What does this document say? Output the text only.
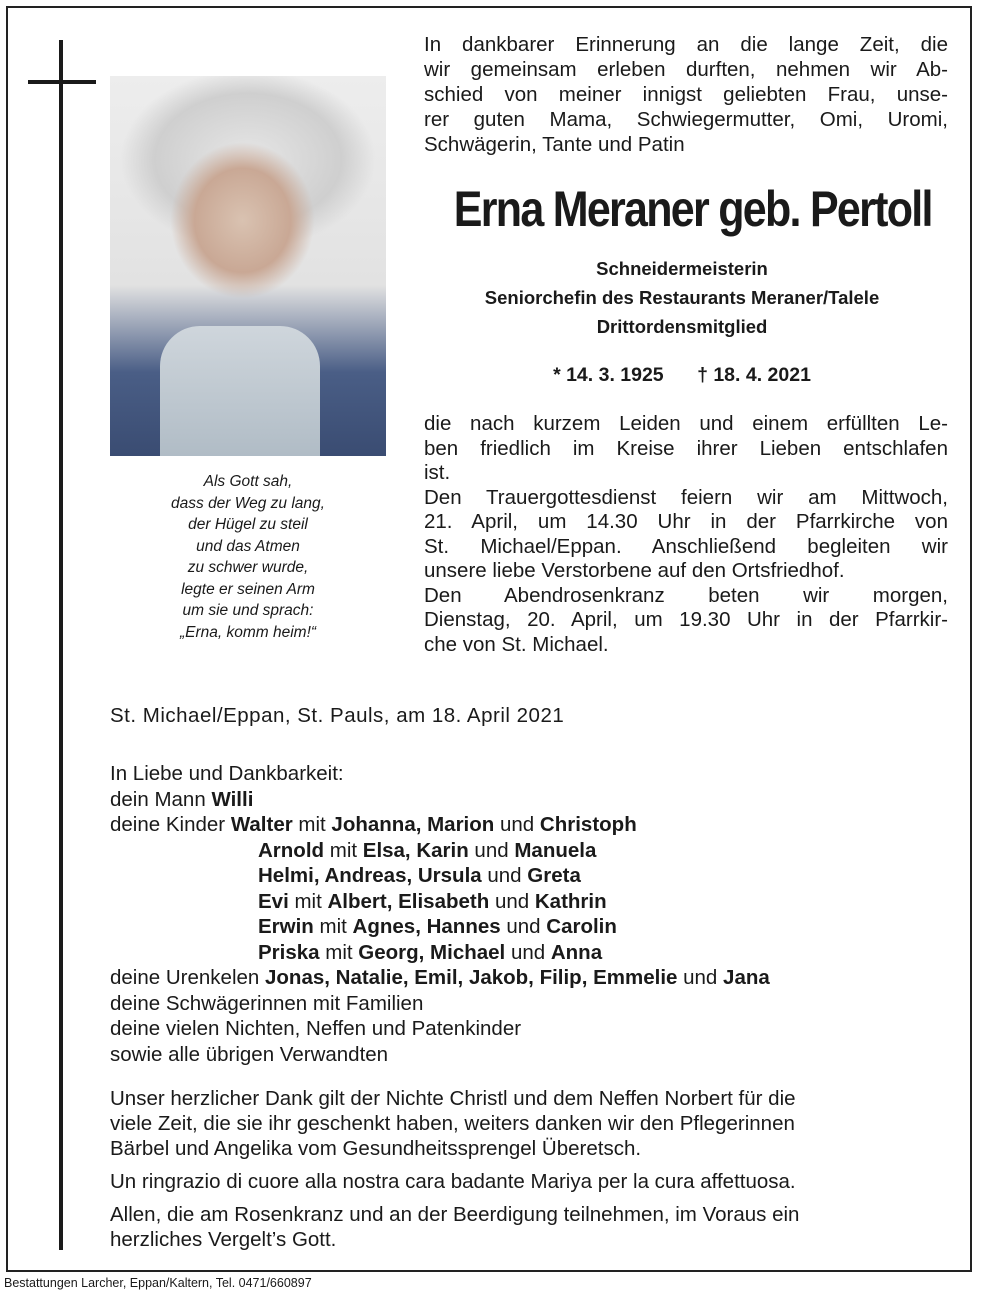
Als Gott sah,
dass der Weg zu lang,
der Hügel zu steil
und das Atmen
zu schwer wurde,
legte er seinen Arm
um sie und sprach:
„Erna, komm heim!“
In dankbarer Erinnerung an die lange Zeit, die
wir gemeinsam erleben durften, nehmen wir Ab-
schied von meiner innigst geliebten Frau, unse-
rer guten Mama, Schwiegermutter, Omi, Uromi,
Schwägerin, Tante und Patin
Erna Meraner geb. Pertoll
Schneidermeisterin
Seniorchefin des Restaurants Meraner/Talele
Drittordensmitglied
* 14. 3. 1925 † 18. 4. 2021
die nach kurzem Leiden und einem erfüllten Le-
ben friedlich im Kreise ihrer Lieben entschlafen
ist.
Den Trauergottesdienst feiern wir am Mittwoch,
21. April, um 14.30 Uhr in der Pfarrkirche von
St. Michael/Eppan. Anschließend begleiten wir
unsere liebe Verstorbene auf den Ortsfriedhof.
Den Abendrosenkranz beten wir morgen,
Dienstag, 20. April, um 19.30 Uhr in der Pfarrkir-
che von St. Michael.
St. Michael/Eppan, St. Pauls, am 18. April 2021
In Liebe und Dankbarkeit:
dein Mann Willi
deine Kinder Walter mit Johanna, Marion und Christoph
Arnold mit Elsa, Karin und Manuela
Helmi, Andreas, Ursula und Greta
Evi mit Albert, Elisabeth und Kathrin
Erwin mit Agnes, Hannes und Carolin
Priska mit Georg, Michael und Anna
deine Urenkelen Jonas, Natalie, Emil, Jakob, Filip, Emmelie und Jana
deine Schwägerinnen mit Familien
deine vielen Nichten, Neffen und Patenkinder
sowie alle übrigen Verwandten
Unser herzlicher Dank gilt der Nichte Christl und dem Neffen Norbert für die
viele Zeit, die sie ihr geschenkt haben, weiters danken wir den Pflegerinnen
Bärbel und Angelika vom Gesundheitssprengel Überetsch.
Un ringrazio di cuore alla nostra cara badante Mariya per la cura affettuosa.
Allen, die am Rosenkranz und an der Beerdigung teilnehmen, im Voraus ein
herzliches Vergelt’s Gott.
Bestattungen Larcher, Eppan/Kaltern, Tel. 0471/660897
